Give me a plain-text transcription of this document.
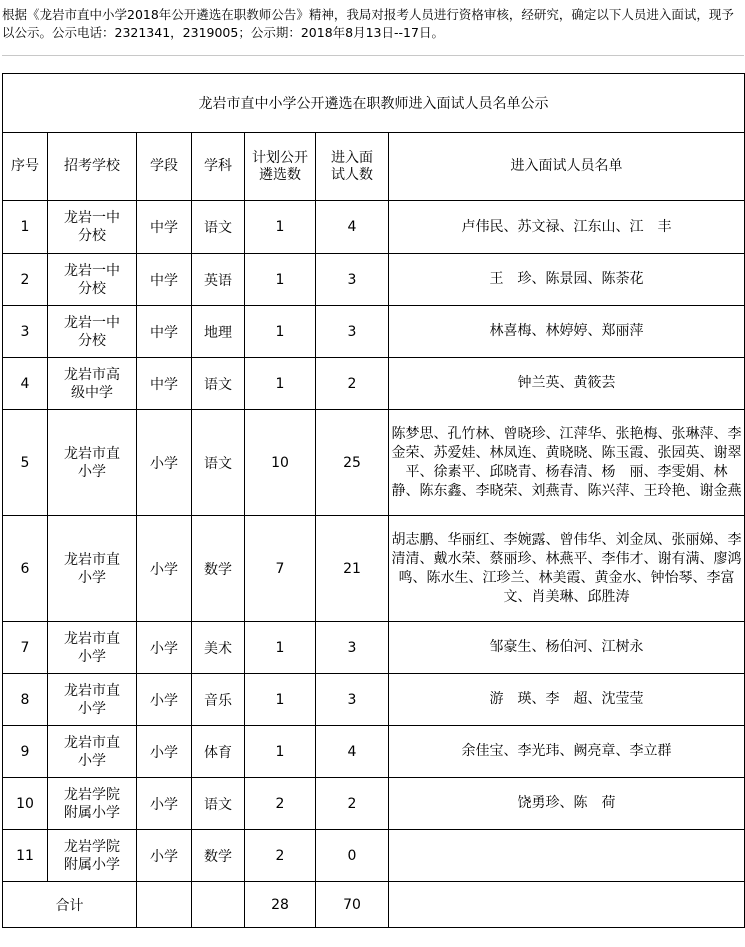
根据《龙岩市直中小学2018年公开遴选在职教师公告》精神，我局对报考人员进行资格审核，经研究，确定以下人员进入面试，现予以公示。公示电话：2321341，2319005；公示期：2018年8月13日--17日。
龙岩市直中小学公开遴选在职教师进入面试人员名单公示						
序号	招考学校	学段	学科	计划公开遴选数	进入面试人数	进入面试人员名单
1	龙岩一中分校	中学	语文	1	4	卢伟民、苏文禄、江东山、江　丰
2	龙岩一中分校	中学	英语	1	3	王　珍、陈景园、陈荼花
3	龙岩一中分校	中学	地理	1	3	林喜梅、林婷婷、郑丽萍
4	龙岩市高级中学	中学	语文	1	2	钟兰英、黄筱芸
5	龙岩市直小学	小学	语文	10	25	陈梦思、孔竹林、曾晓珍、江萍华、张艳梅、张琳萍、李金荣、苏爱娃、林凤连、黄晓晓、陈玉霞、张园英、谢翠平、徐素平、邱晓青、杨春清、杨　丽、李雯娟、林　静、陈东鑫、李晓荣、刘燕青、陈兴萍、王玲艳、谢金燕
6	龙岩市直小学	小学	数学	7	21	胡志鹏、华丽红、李婉露、曾伟华、刘金凤、张丽娣、李清清、戴水荣、蔡丽珍、林燕平、李伟才、谢有满、廖鸿鸣、陈水生、江珍兰、林美霞、黄金水、钟怡琴、李富文、肖美琳、邱胜涛
7	龙岩市直小学	小学	美术	1	3	邹豪生、杨伯河、江树永
8	龙岩市直小学	小学	音乐	1	3	游　瑛、李　超、沈莹莹
9	龙岩市直小学	小学	体育	1	4	余佳宝、李光玮、阙亮章、李立群
10	龙岩学院附属小学	小学	语文	2	2	饶勇珍、陈　荷
11	龙岩学院附属小学	小学	数学	2	0	
合计				28	70	
